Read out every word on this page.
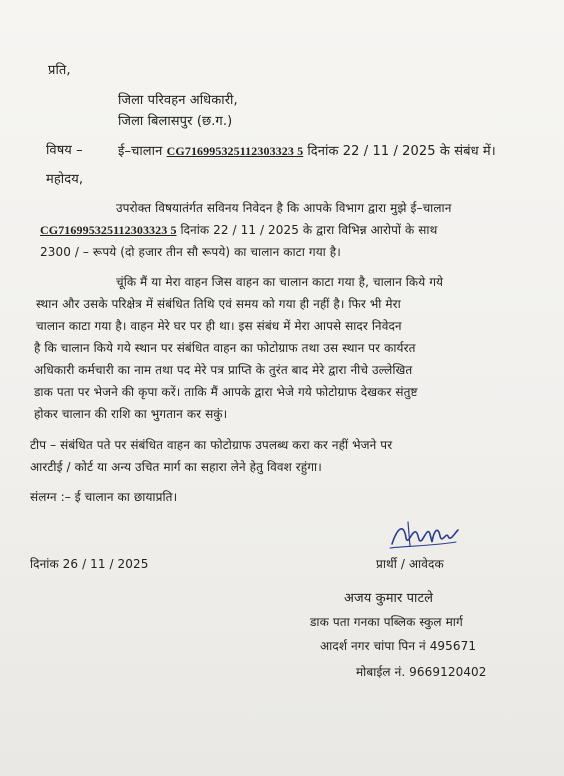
प्रति,
जिला परिवहन अधिकारी,
जिला बिलासपुर (छ.ग.)
विषय –	ई–चालान CG716995325112303323 5 दिनांक 22 / 11 / 2025 के संबंध में।
महोदय,
उपरोक्त विषयातंर्गत सविनय निवेदन है कि आपके विभाग द्वारा मुझे ई–चालान
CG716995325112303323 5 दिनांक 22 / 11 / 2025 के द्वारा विभिन्न आरोपों के साथ
2300 / – रूपये (दो हजार तीन सौ रूपये) का चालान काटा गया है।
चूंकि मैं या मेरा वाहन जिस वाहन का चालान काटा गया है, चालान किये गये
स्थान और उसके परिक्षेत्र में संबंधित तिथि एवं समय को गया ही नहीं है। फिर भी मेरा
चालान काटा गया है। वाहन मेरे घर पर ही था। इस संबंध में मेरा आपसे सादर निवेदन
है कि चालान किये गये स्थान पर संबंधित वाहन का फोटोग्राफ तथा उस स्थान पर कार्यरत
अधिकारी कर्मचारी का नाम तथा पद मेरे पत्र प्राप्ति के तुरंत बाद मेरे द्वारा नीचे उल्लेखित
डाक पता पर भेजने की कृपा करें। ताकि मैं आपके द्वारा भेजे गये फोटोग्राफ देखकर संतुष्ट
होकर चालान की राशि का भुगतान कर सकुं।
टीप – संबंधित पते पर संबंधित वाहन का फोटोग्राफ उपलब्ध करा कर नहीं भेजने पर
आरटीई / कोर्ट या अन्य उचित मार्ग का सहारा लेने हेतु विवश रहुंगा।
संलग्न :– ई चालान का छायाप्रति।
दिनांक 26 / 11 / 2025	प्रार्थी / आवेदक
अजय कुमार पाटले
डाक पता गनका पब्लिक स्कुल मार्ग
आदर्श नगर चांपा पिन नं 495671
मोबाईल नं. 9669120402
